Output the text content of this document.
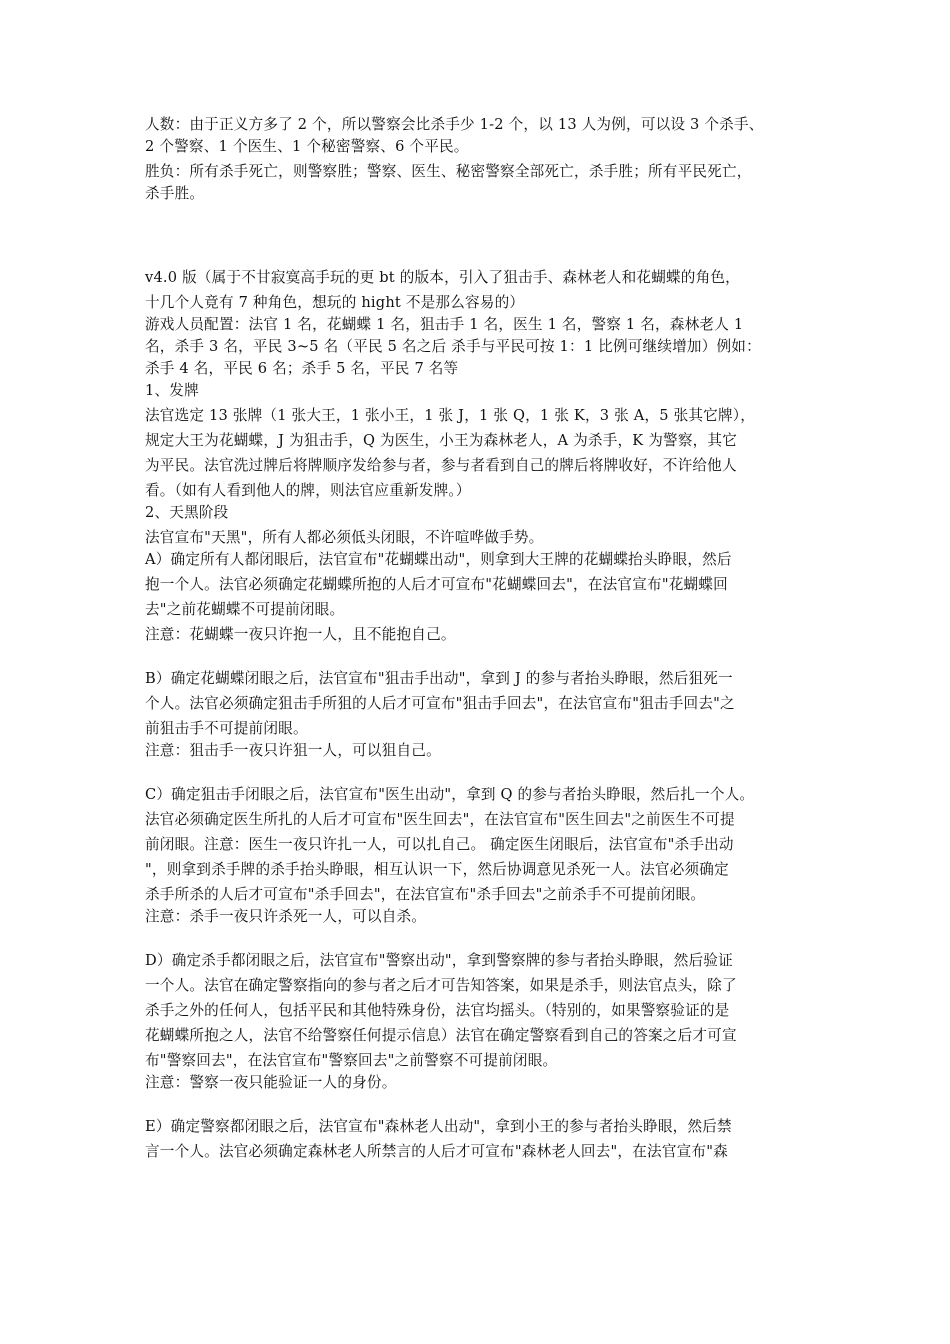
人数：由于正义方多了 2 个，所以警察会比杀手少 1-2 个，以 13 人为例，可以设 3 个杀手、
2 个警察、1 个医生、1 个秘密警察、6 个平民。
胜负：所有杀手死亡，则警察胜；警察、医生、秘密警察全部死亡，杀手胜；所有平民死亡，
杀手胜。
v4.0 版（属于不甘寂寞高手玩的更 bt 的版本，引入了狙击手、森林老人和花蝴蝶的角色，
十几个人竟有 7 种角色，想玩的 hight 不是那么容易的）
游戏人员配置：法官 1 名，花蝴蝶 1 名，狙击手 1 名，医生 1 名，警察 1 名，森林老人 1
名，杀手 3 名，平民 3~5 名（平民 5 名之后 杀手与平民可按 1：1 比例可继续增加）例如：
杀手 4 名，平民 6 名；杀手 5 名，平民 7 名等
1、发牌
法官选定 13 张牌（1 张大王，1 张小王，1 张 J，1 张 Q，1 张 K，3 张 A，5 张其它牌），
规定大王为花蝴蝶，J 为狙击手，Q 为医生，小王为森林老人，A 为杀手，K 为警察，其它
为平民。法官洗过牌后将牌顺序发给参与者，参与者看到自己的牌后将牌收好，不许给他人
看。（如有人看到他人的牌，则法官应重新发牌。）
2、天黑阶段
法官宣布"天黑"，所有人都必须低头闭眼，不许喧哗做手势。
A）确定所有人都闭眼后，法官宣布"花蝴蝶出动"，则拿到大王牌的花蝴蝶抬头睁眼，然后
抱一个人。法官必须确定花蝴蝶所抱的人后才可宣布"花蝴蝶回去"，在法官宣布"花蝴蝶回
去"之前花蝴蝶不可提前闭眼。
注意：花蝴蝶一夜只许抱一人，且不能抱自己。
B）确定花蝴蝶闭眼之后，法官宣布"狙击手出动"，拿到 J 的参与者抬头睁眼，然后狙死一
个人。法官必须确定狙击手所狙的人后才可宣布"狙击手回去"，在法官宣布"狙击手回去"之
前狙击手不可提前闭眼。
注意：狙击手一夜只许狙一人，可以狙自己。
C）确定狙击手闭眼之后，法官宣布"医生出动"，拿到 Q 的参与者抬头睁眼，然后扎一个人。
法官必须确定医生所扎的人后才可宣布"医生回去"，在法官宣布"医生回去"之前医生不可提
前闭眼。注意：医生一夜只许扎一人，可以扎自己。 确定医生闭眼后，法官宣布"杀手出动
"，则拿到杀手牌的杀手抬头睁眼，相互认识一下，然后协调意见杀死一人。法官必须确定
杀手所杀的人后才可宣布"杀手回去"，在法官宣布"杀手回去"之前杀手不可提前闭眼。
注意：杀手一夜只许杀死一人，可以自杀。
D）确定杀手都闭眼之后，法官宣布"警察出动"，拿到警察牌的参与者抬头睁眼，然后验证
一个人。法官在确定警察指向的参与者之后才可告知答案，如果是杀手，则法官点头，除了
杀手之外的任何人，包括平民和其他特殊身份，法官均摇头。（特别的，如果警察验证的是
花蝴蝶所抱之人，法官不给警察任何提示信息）法官在确定警察看到自己的答案之后才可宣
布"警察回去"，在法官宣布"警察回去"之前警察不可提前闭眼。
注意：警察一夜只能验证一人的身份。
E）确定警察都闭眼之后，法官宣布"森林老人出动"，拿到小王的参与者抬头睁眼，然后禁
言一个人。法官必须确定森林老人所禁言的人后才可宣布"森林老人回去"，在法官宣布"森
